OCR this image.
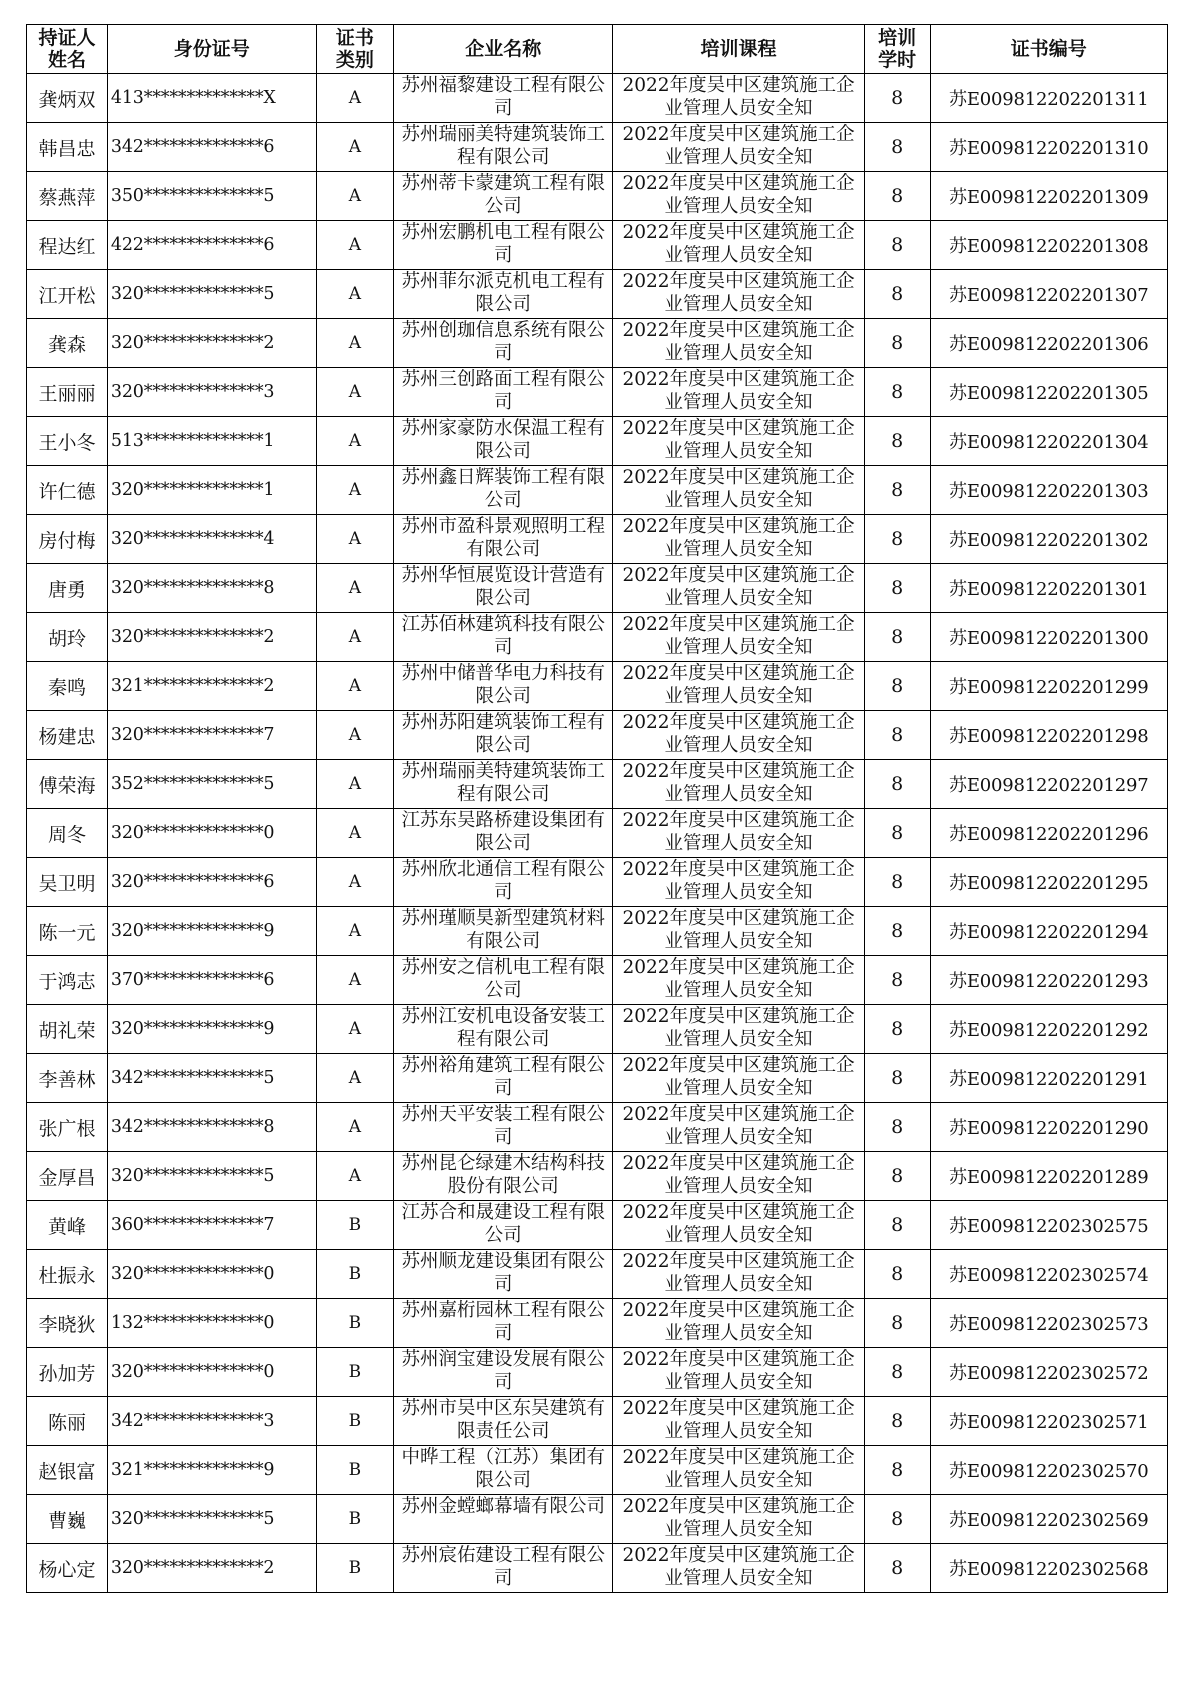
持证人姓名	身份证号	证书类别	企业名称	培训课程	培训学时	证书编号
龚炳双	413**************X	A	苏州福黎建设工程有限公司	2022年度吴中区建筑施工企业管理人员安全知	8	苏E009812202201311
韩昌忠	342**************6	A	苏州瑞丽美特建筑装饰工程有限公司	2022年度吴中区建筑施工企业管理人员安全知	8	苏E009812202201310
蔡燕萍	350**************5	A	苏州蒂卡蒙建筑工程有限公司	2022年度吴中区建筑施工企业管理人员安全知	8	苏E009812202201309
程达红	422**************6	A	苏州宏鹏机电工程有限公司	2022年度吴中区建筑施工企业管理人员安全知	8	苏E009812202201308
江开松	320**************5	A	苏州菲尔派克机电工程有限公司	2022年度吴中区建筑施工企业管理人员安全知	8	苏E009812202201307
龚森	320**************2	A	苏州创珈信息系统有限公司	2022年度吴中区建筑施工企业管理人员安全知	8	苏E009812202201306
王丽丽	320**************3	A	苏州三创路面工程有限公司	2022年度吴中区建筑施工企业管理人员安全知	8	苏E009812202201305
王小冬	513**************1	A	苏州家豪防水保温工程有限公司	2022年度吴中区建筑施工企业管理人员安全知	8	苏E009812202201304
许仁德	320**************1	A	苏州鑫日辉装饰工程有限公司	2022年度吴中区建筑施工企业管理人员安全知	8	苏E009812202201303
房付梅	320**************4	A	苏州市盈科景观照明工程有限公司	2022年度吴中区建筑施工企业管理人员安全知	8	苏E009812202201302
唐勇	320**************8	A	苏州华恒展览设计营造有限公司	2022年度吴中区建筑施工企业管理人员安全知	8	苏E009812202201301
胡玲	320**************2	A	江苏佰林建筑科技有限公司	2022年度吴中区建筑施工企业管理人员安全知	8	苏E009812202201300
秦鸣	321**************2	A	苏州中储普华电力科技有限公司	2022年度吴中区建筑施工企业管理人员安全知	8	苏E009812202201299
杨建忠	320**************7	A	苏州苏阳建筑装饰工程有限公司	2022年度吴中区建筑施工企业管理人员安全知	8	苏E009812202201298
傅荣海	352**************5	A	苏州瑞丽美特建筑装饰工程有限公司	2022年度吴中区建筑施工企业管理人员安全知	8	苏E009812202201297
周冬	320**************0	A	江苏东吴路桥建设集团有限公司	2022年度吴中区建筑施工企业管理人员安全知	8	苏E009812202201296
吴卫明	320**************6	A	苏州欣北通信工程有限公司	2022年度吴中区建筑施工企业管理人员安全知	8	苏E009812202201295
陈一元	320**************9	A	苏州瑾顺昊新型建筑材料有限公司	2022年度吴中区建筑施工企业管理人员安全知	8	苏E009812202201294
于鸿志	370**************6	A	苏州安之信机电工程有限公司	2022年度吴中区建筑施工企业管理人员安全知	8	苏E009812202201293
胡礼荣	320**************9	A	苏州江安机电设备安装工程有限公司	2022年度吴中区建筑施工企业管理人员安全知	8	苏E009812202201292
李善林	342**************5	A	苏州裕角建筑工程有限公司	2022年度吴中区建筑施工企业管理人员安全知	8	苏E009812202201291
张广根	342**************8	A	苏州天平安装工程有限公司	2022年度吴中区建筑施工企业管理人员安全知	8	苏E009812202201290
金厚昌	320**************5	A	苏州昆仑绿建木结构科技股份有限公司	2022年度吴中区建筑施工企业管理人员安全知	8	苏E009812202201289
黄峰	360**************7	B	江苏合和晟建设工程有限公司	2022年度吴中区建筑施工企业管理人员安全知	8	苏E009812202302575
杜振永	320**************0	B	苏州顺龙建设集团有限公司	2022年度吴中区建筑施工企业管理人员安全知	8	苏E009812202302574
李晓狄	132**************0	B	苏州嘉桁园林工程有限公司	2022年度吴中区建筑施工企业管理人员安全知	8	苏E009812202302573
孙加芳	320**************0	B	苏州润宝建设发展有限公司	2022年度吴中区建筑施工企业管理人员安全知	8	苏E009812202302572
陈丽	342**************3	B	苏州市吴中区东吴建筑有限责任公司	2022年度吴中区建筑施工企业管理人员安全知	8	苏E009812202302571
赵银富	321**************9	B	中晔工程（江苏）集团有限公司	2022年度吴中区建筑施工企业管理人员安全知	8	苏E009812202302570
曹巍	320**************5	B	苏州金螳螂幕墙有限公司	2022年度吴中区建筑施工企业管理人员安全知	8	苏E009812202302569
杨心定	320**************2	B	苏州宸佑建设工程有限公司	2022年度吴中区建筑施工企业管理人员安全知	8	苏E009812202302568
